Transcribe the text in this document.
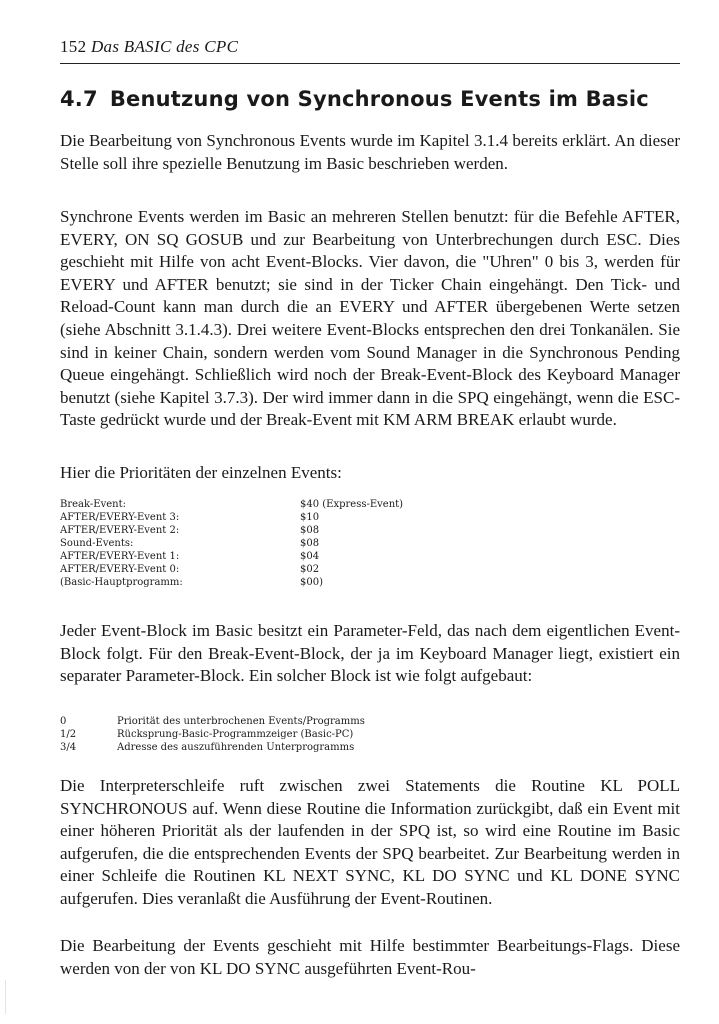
152 Das BASIC des CPC
4.7 Benutzung von Synchronous Events im Basic

Die Bearbeitung von Synchronous Events wurde im Kapitel 3.1.4 bereits erklärt. An dieser Stelle soll ihre spezielle Benutzung im Basic beschrieben werden.

Synchrone Events werden im Basic an mehreren Stellen benutzt: für die Befehle AFTER, EVERY, ON SQ GOSUB und zur Bearbeitung von Unterbrechungen durch ESC. Dies geschieht mit Hilfe von acht Event-Blocks. Vier davon, die "Uhren" 0 bis 3, werden für EVERY und AFTER benutzt; sie sind in der Ticker Chain eingehängt. Den Tick- und Reload-Count kann man durch die an EVERY und AFTER übergebenen Werte setzen (siehe Abschnitt 3.1.4.3). Drei weitere Event-Blocks entsprechen den drei Tonkanälen. Sie sind in keiner Chain, sondern werden vom Sound Manager in die Synchronous Pending Queue eingehängt. Schließlich wird noch der Break-Event-Block des Keyboard Manager benutzt (siehe Kapitel 3.7.3). Der wird immer dann in die SPQ eingehängt, wenn die ESC-Taste gedrückt wurde und der Break-Event mit KM ARM BREAK erlaubt wurde.

Hier die Prioritäten der einzelnen Events:
Break-Event:	$40 (Express-Event)
AFTER/EVERY-Event 3:	$10
AFTER/EVERY-Event 2:	$08
Sound-Events:	$08
AFTER/EVERY-Event 1:	$04
AFTER/EVERY-Event 0:	$02
(Basic-Hauptprogramm:	$00)

Jeder Event-Block im Basic besitzt ein Parameter-Feld, das nach dem eigentlichen Event-Block folgt. Für den Break-Event-Block, der ja im Keyboard Manager liegt, existiert ein separater Parameter-Block. Ein solcher Block ist wie folgt aufgebaut:

0	Priorität des unterbrochenen Events/Programms
1/2	Rücksprung-Basic-Programmzeiger (Basic-PC)
3/4	Adresse des auszuführenden Unterprogramms

Die Interpreterschleife ruft zwischen zwei Statements die Routine KL POLL SYNCHRONOUS auf. Wenn diese Routine die Information zurückgibt, daß ein Event mit einer höheren Priorität als der laufenden in der SPQ ist, so wird eine Routine im Basic aufgerufen, die die entsprechenden Events der SPQ bearbeitet. Zur Bearbeitung werden in einer Schleife die Routinen KL NEXT SYNC, KL DO SYNC und KL DONE SYNC aufgerufen. Dies veranlaßt die Ausführung der Event-Routinen.

Die Bearbeitung der Events geschieht mit Hilfe bestimmter Bearbeitungs-Flags. Diese werden von der von KL DO SYNC ausgeführten Event-Rou-
